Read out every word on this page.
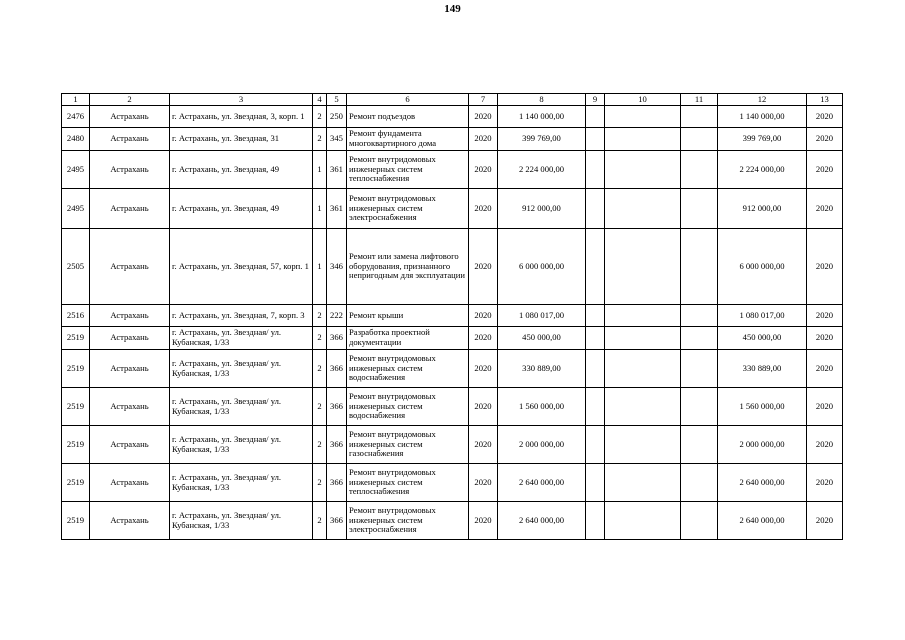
149
1	2	3	4	5	6	7	8	9	10	11	12	13
2476	Астрахань	г. Астрахань, ул. Звездная, 3, корп. 1	2	250	Ремонт подъездов	2020	1 140 000,00				1 140 000,00	2020
2480	Астрахань	г. Астрахань, ул. Звездная, 31	2	345	Ремонт фундамента многоквартирного дома	2020	399 769,00				399 769,00	2020
2495	Астрахань	г. Астрахань, ул. Звездная, 49	1	361	Ремонт внутридомовых инженерных систем теплоснабжения	2020	2 224 000,00				2 224 000,00	2020
2495	Астрахань	г. Астрахань, ул. Звездная, 49	1	361	Ремонт внутридомовых инженерных систем электроснабжения	2020	912 000,00				912 000,00	2020
2505	Астрахань	г. Астрахань, ул. Звездная, 57, корп. 1	1	346	Ремонт или замена лифтового оборудования, признанного непригодным для эксплуатации	2020	6 000 000,00				6 000 000,00	2020
2516	Астрахань	г. Астрахань, ул. Звездная, 7, корп. 3	2	222	Ремонт крыши	2020	1 080 017,00				1 080 017,00	2020
2519	Астрахань	г. Астрахань, ул. Звездная/ ул. Кубанская, 1/33	2	366	Разработка проектной документации	2020	450 000,00				450 000,00	2020
2519	Астрахань	г. Астрахань, ул. Звездная/ ул. Кубанская, 1/33	2	366	Ремонт внутридомовых инженерных систем водоснабжения	2020	330 889,00				330 889,00	2020
2519	Астрахань	г. Астрахань, ул. Звездная/ ул. Кубанская, 1/33	2	366	Ремонт внутридомовых инженерных систем водоснабжения	2020	1 560 000,00				1 560 000,00	2020
2519	Астрахань	г. Астрахань, ул. Звездная/ ул. Кубанская, 1/33	2	366	Ремонт внутридомовых инженерных систем газоснабжения	2020	2 000 000,00				2 000 000,00	2020
2519	Астрахань	г. Астрахань, ул. Звездная/ ул. Кубанская, 1/33	2	366	Ремонт внутридомовых инженерных систем теплоснабжения	2020	2 640 000,00				2 640 000,00	2020
2519	Астрахань	г. Астрахань, ул. Звездная/ ул. Кубанская, 1/33	2	366	Ремонт внутридомовых инженерных систем электроснабжения	2020	2 640 000,00				2 640 000,00	2020
